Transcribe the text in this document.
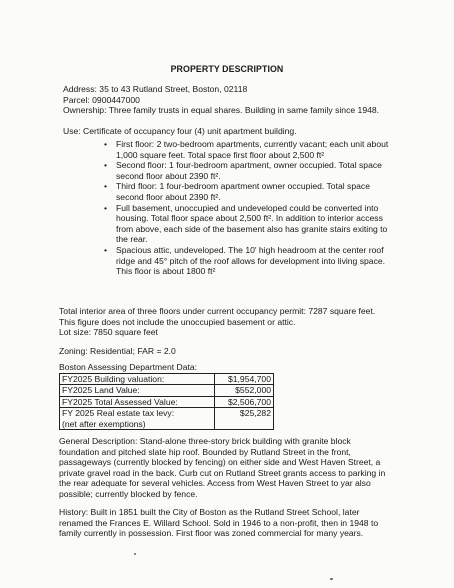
PROPERTY DESCRIPTION
Address: 35 to 43 Rutland Street, Boston, 02118
Parcel: 0900447000
Ownership: Three family trusts in equal shares. Building in same family since 1948.
Use: Certificate of occupancy four (4) unit apartment building.
• First floor: 2 two-bedroom apartments, currently vacant; each unit about
1,000 square feet. Total space first floor about 2,500 ft²
• Second floor: 1 four-bedroom apartment, owner occupied. Total space
second floor about 2390 ft².
• Third floor: 1 four-bedroom apartment owner occupied. Total space
second floor about 2390 ft².
• Full basement, unoccupied and undeveloped could be converted into
housing. Total floor space about 2,500 ft². In addition to interior access
from above, each side of the basement also has granite stairs exiting to
the rear.
• Spacious attic, undeveloped. The 10' high headroom at the center roof
ridge and 45° pitch of the roof allows for development into living space.
This floor is about 1800 ft²
Total interior area of three floors under current occupancy permit: 7287 square feet.
This figure does not include the unoccupied basement or attic.
Lot size: 7850 square feet
Zoning: Residential; FAR = 2.0
Boston Assessing Department Data:
FY2025 Building valuation:	$1,954,700
FY2025 Land Value:	$552,000
FY2025 Total Assessed Value:	$2,506,700

FY 2025 Real estate tax levy:
(net after exemptions)	$25,282
General Description: Stand-alone three-story brick building with granite block
foundation and pitched slate hip roof. Bounded by Rutland Street in the front,
passageways (currently blocked by fencing) on either side and West Haven Street, a
private gravel road in the back. Curb cut on Rutland Street grants access to parking in
the rear adequate for several vehicles. Access from West Haven Street to yar also
possible; currently blocked by fence.
History: Built in 1851 built the City of Boston as the Rutland Street School, later
renamed the Frances E. Willard School. Sold in 1946 to a non-profit, then in 1948 to
family currently in possession. First floor was zoned commercial for many years.
